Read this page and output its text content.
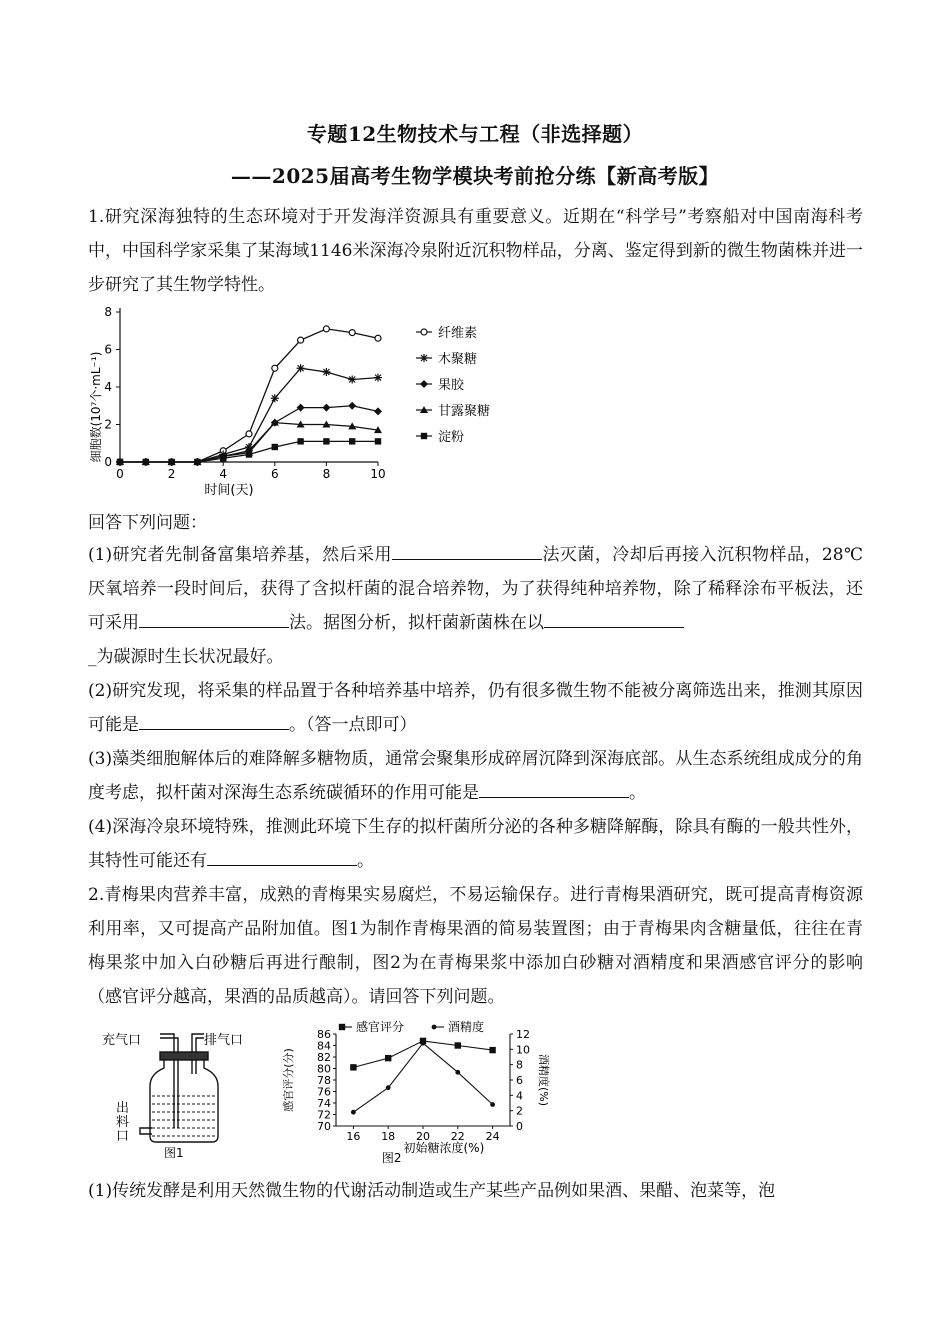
专题12生物技术与工程（非选择题）
——2025届高考生物学模块考前抢分练【新高考版】
1.研究深海独特的生态环境对于开发海洋资源具有重要意义。近期在“科学号”考察船对中国南海科考中，中国科学家采集了某海域1146米深海冷泉附近沉积物样品，分离、鉴定得到新的微生物菌株并进一步研究了其生物学特性。
0	2	4	6	8	10
0
2
4
6
8
时间(天)
细胞数(10⁷个·mL⁻¹)
纤维素
木聚糖
果胶
甘露聚糖
淀粉
回答下列问题：
(1)研究者先制备富集培养基，然后采用	法灭菌，冷却后再接入沉积物样品，28℃厌氧培养一段时间后，获得了含拟杆菌的混合培养物，为了获得纯种培养物，除了稀释涂布平板法，还可采用	法。据图分析，拟杆菌新菌株在以
_为碳源时生长状况最好。
(2)研究发现，将采集的样品置于各种培养基中培养，仍有很多微生物不能被分离筛选出来，推测其原因可能是	。（答一点即可）
(3)藻类细胞解体后的难降解多糖物质，通常会聚集形成碎屑沉降到深海底部。从生态系统组成成分的角度考虑，拟杆菌对深海生态系统碳循环的作用可能是	。
(4)深海冷泉环境特殊，推测此环境下生存的拟杆菌所分泌的各种多糖降解酶，除具有酶的一般共性外，其特性可能还有	。
2.青梅果肉营养丰富，成熟的青梅果实易腐烂，不易运输保存。进行青梅果酒研究，既可提高青梅资源利用率，又可提高产品附加值。图1为制作青梅果酒的简易装置图；由于青梅果肉含糖量低，往往在青梅果浆中加入白砂糖后再进行酿制，图2为在青梅果浆中添加白砂糖对酒精度和果酒感官评分的影响（感官评分越高，果酒的品质越高）。请回答下列问题。
充气口	排气口
出
料
口
图1
16 18 20 22 24
70
72
74
76
78
80
82
84
86
0
2
4
6
8
10
12
感官评分(分)	酒精度(%)
初始糖浓度(%)
图2
感官评分	酒精度
(1)传统发酵是利用天然微生物的代谢活动制造或生产某些产品例如果酒、果醋、泡菜等，泡
